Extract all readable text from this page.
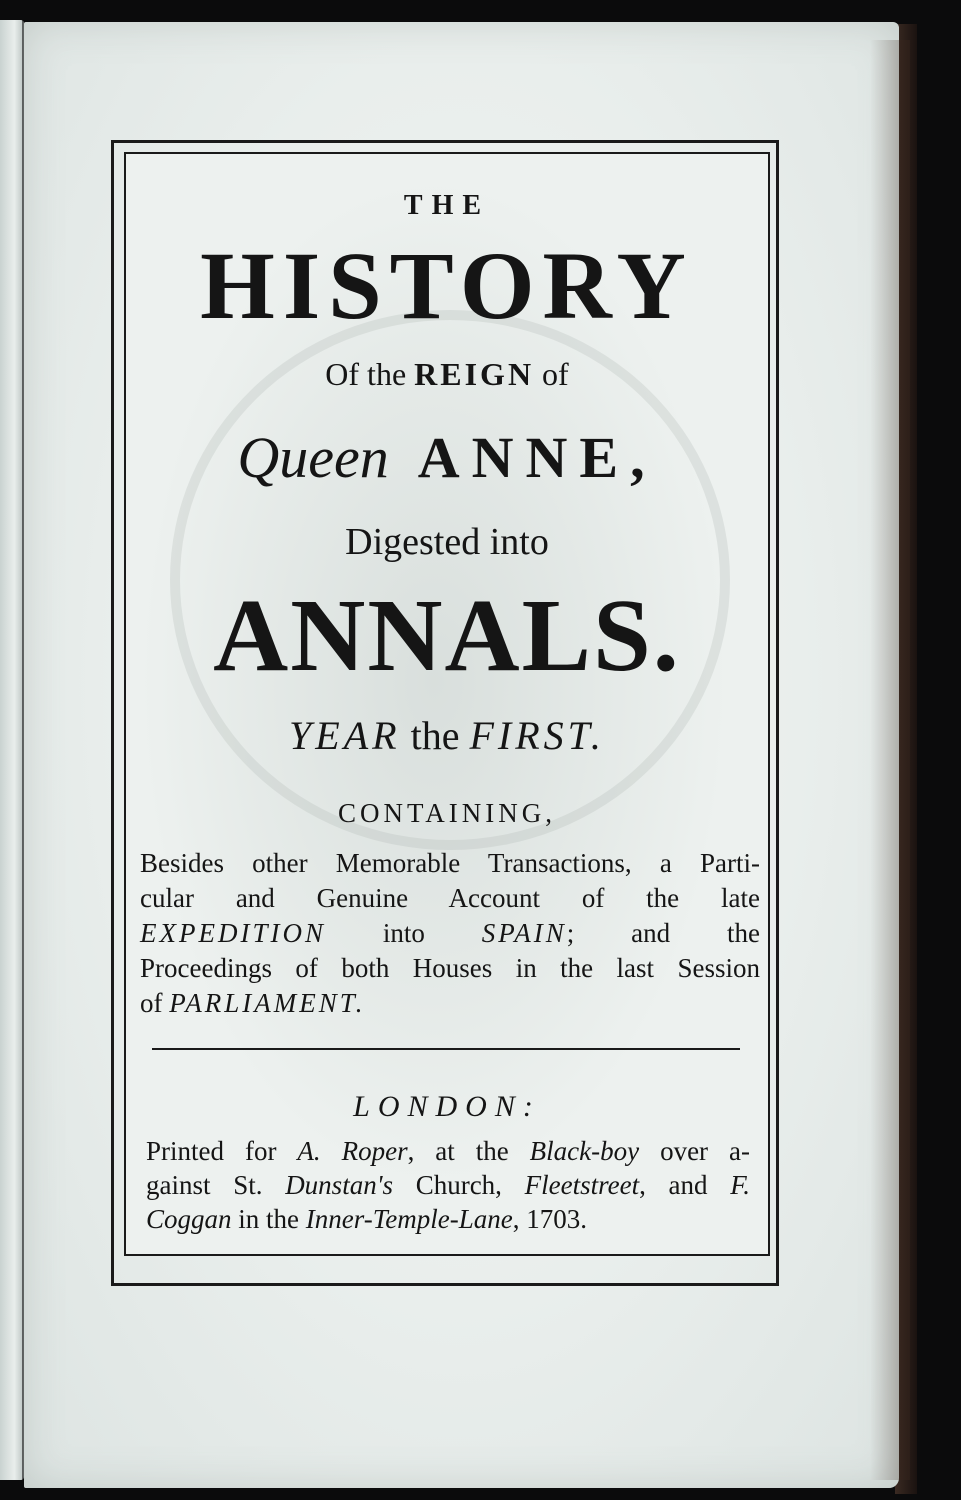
THE
HISTORY
Of the REIGN of
Queen ANNE,
Digested into
ANNALS.
YEAR the FIRST.
CONTAINING,
Besides other Memorable Transactions, a Parti-
cular and Genuine Account of the late
EXPEDITION into SPAIN; and the
Proceedings of both Houses in the last Session
of PARLIAMENT.
LONDON:
Printed for A. Roper, at the Black-boy over a-
gainst St. Dunstan's Church, Fleetstreet, and F.
Coggan in the Inner-Temple-Lane, 1703.
